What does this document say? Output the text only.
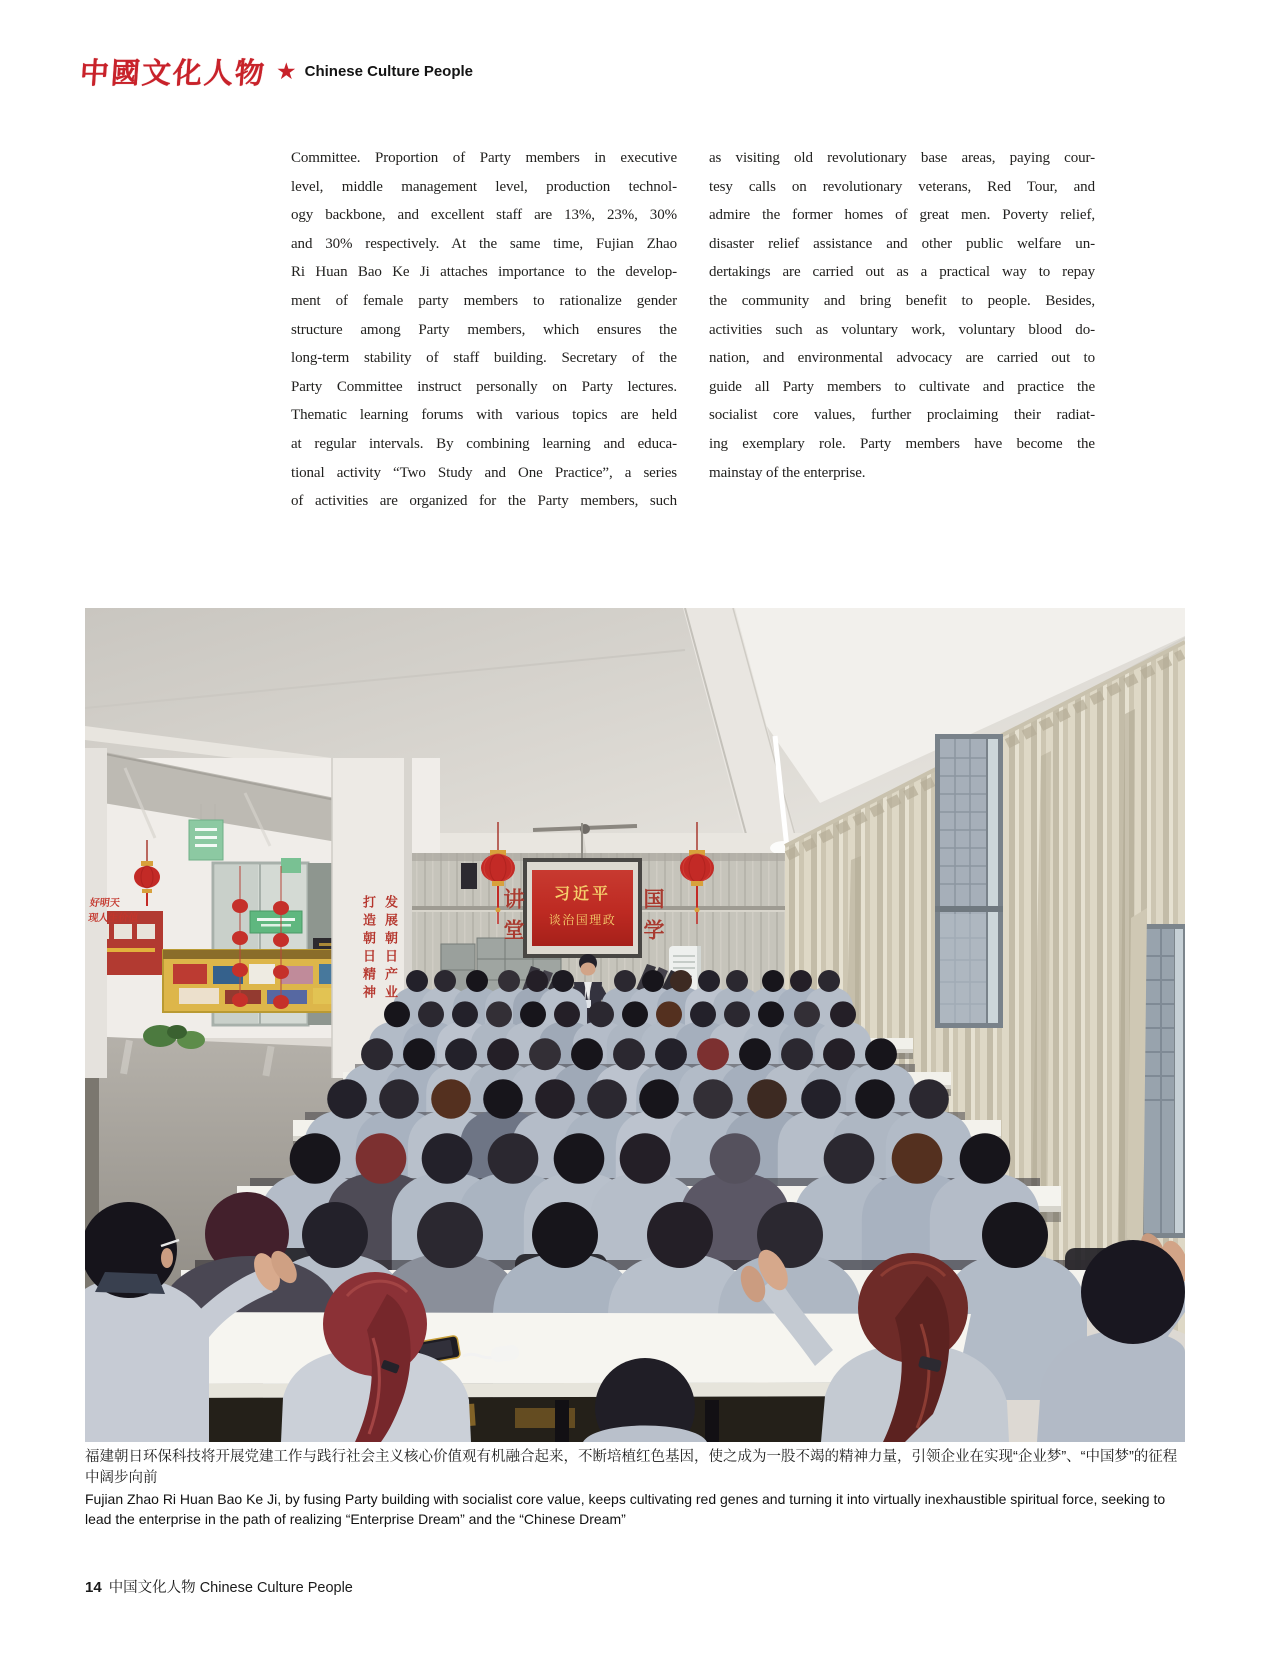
中國文化人物 ★ Chinese Culture People
Committee. Proportion of Party members in executive
level, middle management level, production technol-
ogy backbone, and excellent staff are 13%, 23%, 30%
and 30% respectively. At the same time, Fujian Zhao
Ri Huan Bao Ke Ji attaches importance to the develop-
ment of female party members to rationalize gender
structure among Party members, which ensures the
long-term stability of staff building. Secretary of the
Party Committee instruct personally on Party lectures.
Thematic learning forums with various topics are held
at regular intervals. By combining learning and educa-
tional activity “Two Study and One Practice”, a series
of activities are organized for the Party members, such
as visiting old revolutionary base areas, paying cour-
tesy calls on revolutionary veterans, Red Tour, and
admire the former homes of great men. Poverty relief,
disaster relief assistance and other public welfare un-
dertakings are carried out as a practical way to repay
the community and bring benefit to people. Besides,
activities such as voluntary work, voluntary blood do-
nation, and environmental advocacy are carried out to
guide all Party members to cultivate and practice the
socialist core values, further proclaiming their radiat-
ing exemplary role. Party members have become the
mainstay of the enterprise.
习近平
谈治国理政
讲堂	国学
发展朝日产业
打造朝日精神
好明天
现人生价值

福建朝日环保科技将开展党建工作与践行社会主义核心价值观有机融合起来，不断培植红色基因，使之成为一股不竭的精神力量，引领企业在实现“企业梦”、“中国梦”的征程中阔步向前

Fujian Zhao Ri Huan Bao Ke Ji, by fusing Party building with socialist core value, keeps cultivating red genes and turning it into virtually inexhaustible spiritual force, seeking to lead the enterprise in the path of realizing “Enterprise Dream” and the “Chinese Dream”

14 中国文化人物 Chinese Culture People
